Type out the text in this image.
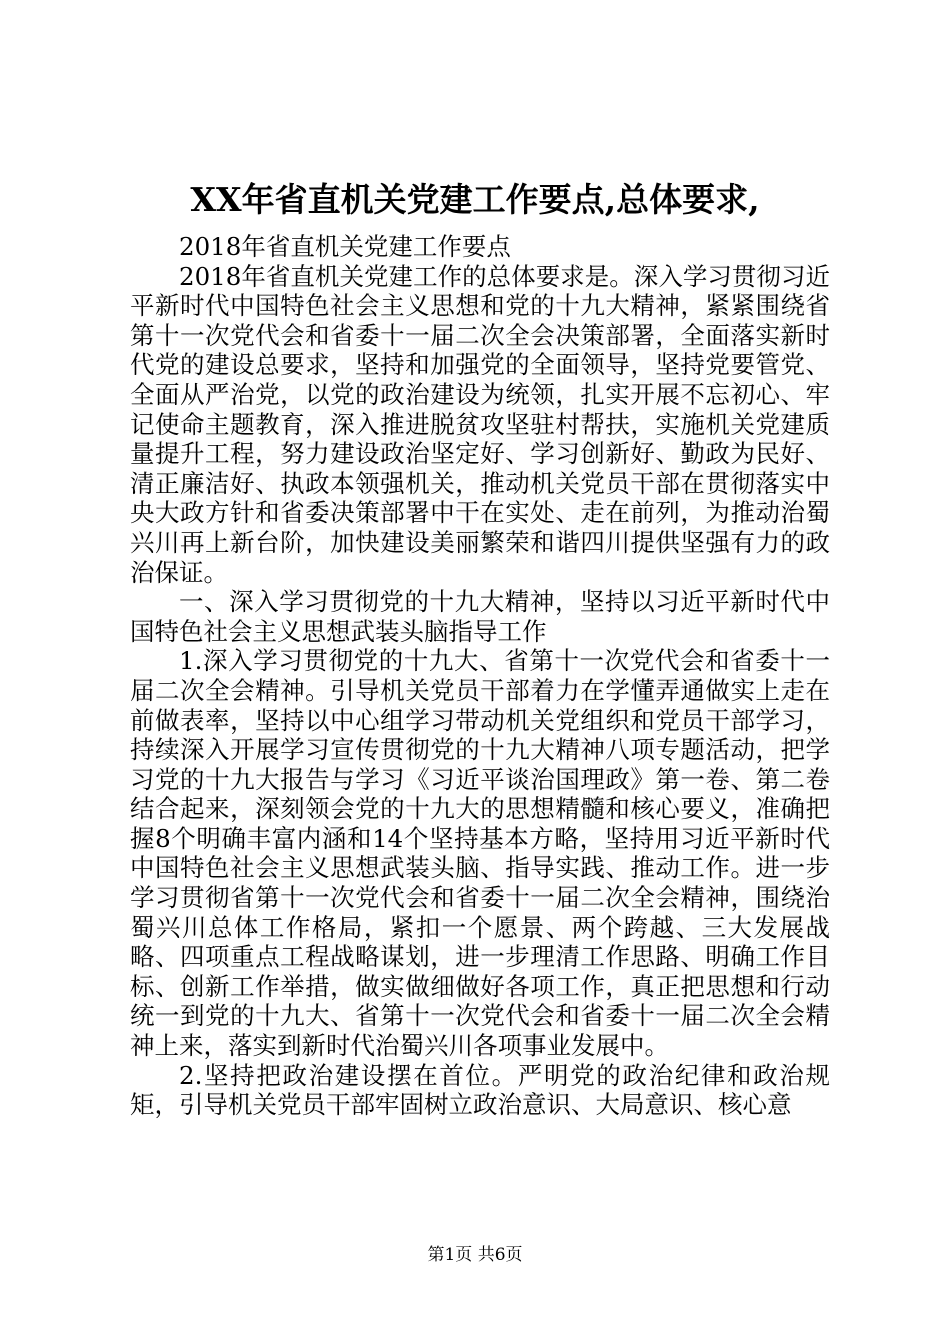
XX年省直机关党建工作要点,总体要求,

2018年省直机关党建工作要点

2018年省直机关党建工作的总体要求是。深入学习贯彻习近平新时代中国特色社会主义思想和党的十九大精神，紧紧围绕省第十一次党代会和省委十一届二次全会决策部署，全面落实新时代党的建设总要求，坚持和加强党的全面领导，坚持党要管党、全面从严治党，以党的政治建设为统领，扎实开展不忘初心、牢记使命主题教育，深入推进脱贫攻坚驻村帮扶，实施机关党建质量提升工程，努力建设政治坚定好、学习创新好、勤政为民好、清正廉洁好、执政本领强机关，推动机关党员干部在贯彻落实中央大政方针和省委决策部署中干在实处、走在前列，为推动治蜀兴川再上新台阶，加快建设美丽繁荣和谐四川提供坚强有力的政治保证。

一、深入学习贯彻党的十九大精神，坚持以习近平新时代中国特色社会主义思想武装头脑指导工作

1.深入学习贯彻党的十九大、省第十一次党代会和省委十一届二次全会精神。引导机关党员干部着力在学懂弄通做实上走在前做表率，坚持以中心组学习带动机关党组织和党员干部学习，持续深入开展学习宣传贯彻党的十九大精神八项专题活动，把学习党的十九大报告与学习《习近平谈治国理政》第一卷、第二卷结合起来，深刻领会党的十九大的思想精髓和核心要义，准确把握8个明确丰富内涵和14个坚持基本方略，坚持用习近平新时代中国特色社会主义思想武装头脑、指导实践、推动工作。进一步学习贯彻省第十一次党代会和省委十一届二次全会精神，围绕治蜀兴川总体工作格局，紧扣一个愿景、两个跨越、三大发展战略、四项重点工程战略谋划，进一步理清工作思路、明确工作目标、创新工作举措，做实做细做好各项工作，真正把思想和行动统一到党的十九大、省第十一次党代会和省委十一届二次全会精神上来，落实到新时代治蜀兴川各项事业发展中。

2.坚持把政治建设摆在首位。严明党的政治纪律和政治规矩，引导机关党员干部牢固树立政治意识、大局意识、核心意

第1页 共6页
